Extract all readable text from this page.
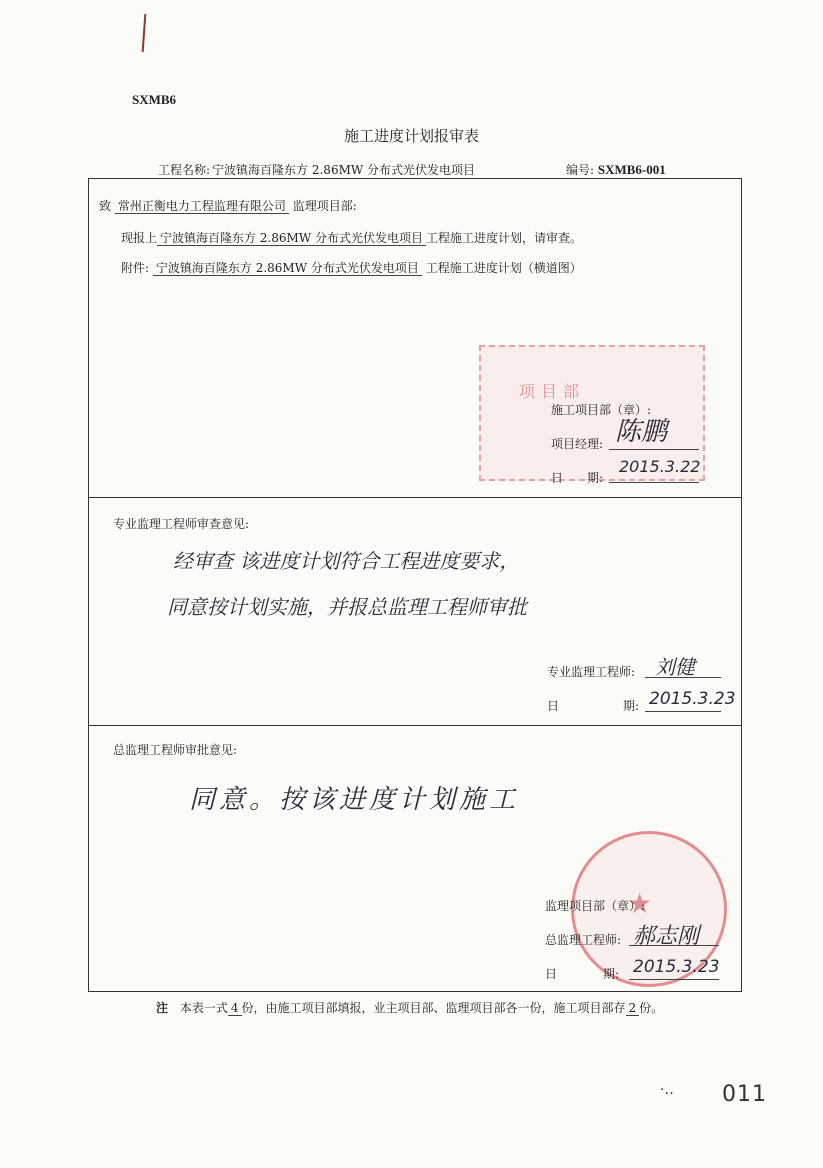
SXMB6
施工进度计划报审表
工程名称: 宁波镇海百隆东方 2.86MW 分布式光伏发电项目	编号: SXMB6-001
致 常州正衡电力工程监理有限公司 监理项目部:
现报上 宁波镇海百隆东方 2.86MW 分布式光伏发电项目 工程施工进度计划，请审查。
附件: 宁波镇海百隆东方 2.86MW 分布式光伏发电项目 工程施工进度计划（横道图）
项目部
施工项目部（章）:
项目经理: 陈鹏
日　　期:
2015.3.22
专业监理工程师审查意见:
经审查 该进度计划符合工程进度要求，
同意按计划实施，并报总监理工程师审批
专业监理工程师: 刘健
日	期: 2015.3.23
总监理工程师审批意见:
同意。按该进度计划施工
★
监理项目部（章）:
总监理工程师: 郝志刚
日	期: 2015.3.23
注 本表一式 4 份，由施工项目部填报，业主项目部、监理项目部各一份，施工项目部存 2 份。
·‥ 011
